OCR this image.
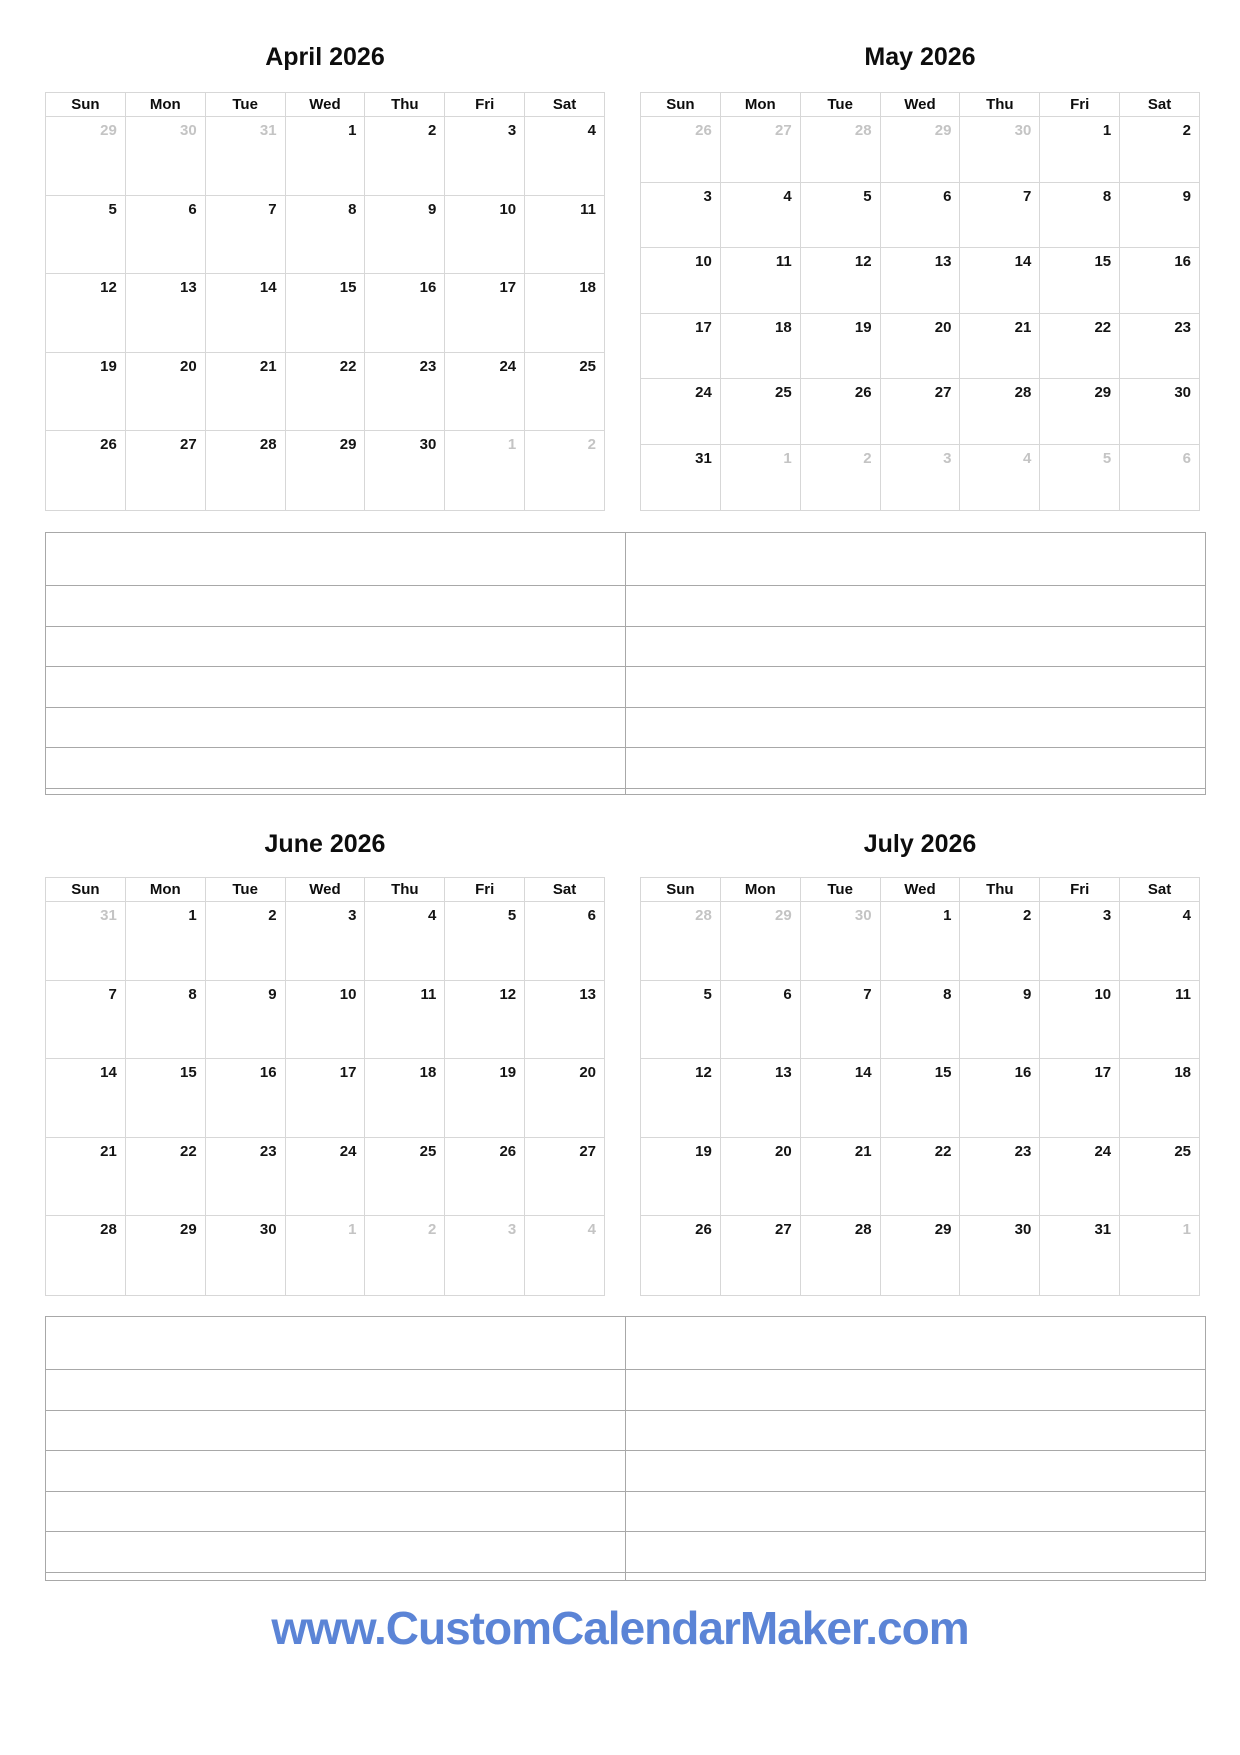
April 2026	May 2026
Sun	Mon	Tue	Wed	Thu	Fri	Sat
29	30	31	1	2	3	4
5	6	7	8	9	10	11
12	13	14	15	16	17	18
19	20	21	22	23	24	25
26	27	28	29	30	1	2
Sun	Mon	Tue	Wed	Thu	Fri	Sat
26	27	28	29	30	1	2
3	4	5	6	7	8	9
10	11	12	13	14	15	16
17	18	19	20	21	22	23
24	25	26	27	28	29	30
31	1	2	3	4	5	6
June 2026	July 2026
Sun	Mon	Tue	Wed	Thu	Fri	Sat
31	1	2	3	4	5	6
7	8	9	10	11	12	13
14	15	16	17	18	19	20
21	22	23	24	25	26	27
28	29	30	1	2	3	4
Sun	Mon	Tue	Wed	Thu	Fri	Sat
28	29	30	1	2	3	4
5	6	7	8	9	10	11
12	13	14	15	16	17	18
19	20	21	22	23	24	25
26	27	28	29	30	31	1
www.CustomCalendarMaker.com
